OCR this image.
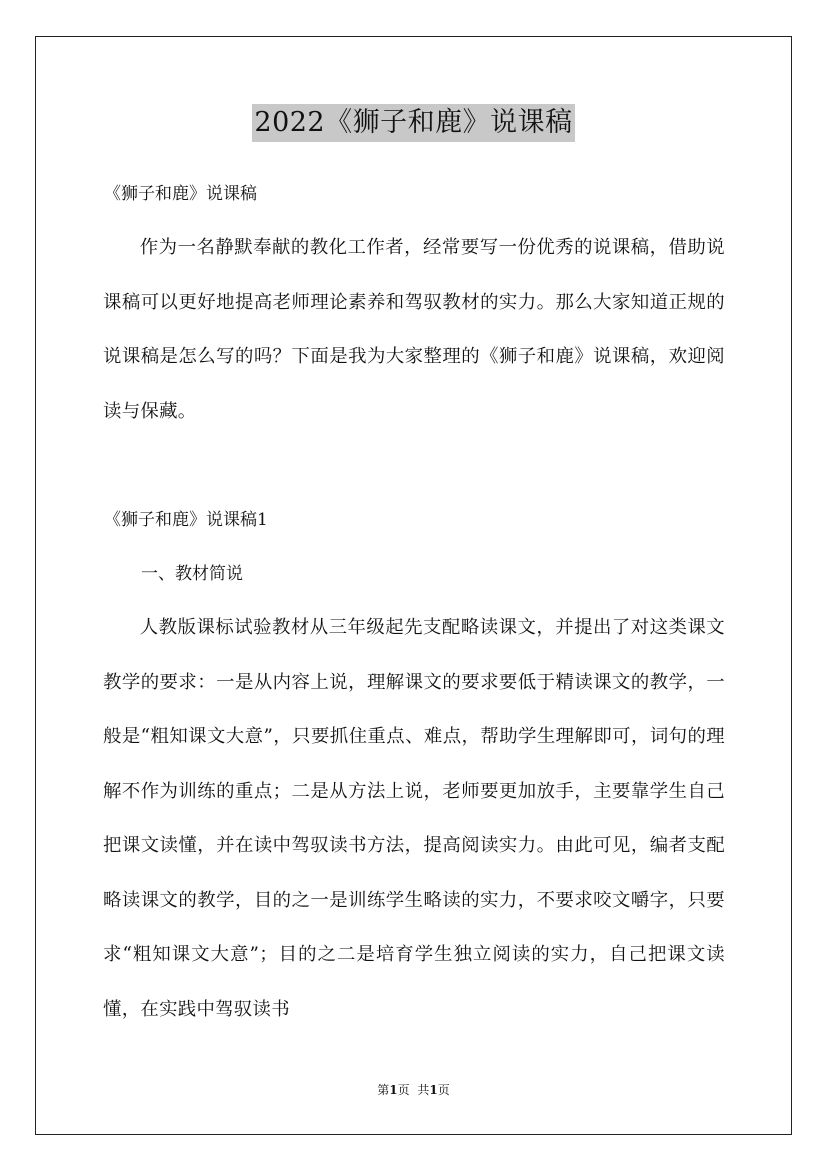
2022《狮子和鹿》说课稿
《狮子和鹿》说课稿
作为一名静默奉献的教化工作者，经常要写一份优秀的说课稿，借助说课稿可以更好地提高老师理论素养和驾驭教材的实力。那么大家知道正规的说课稿是怎么写的吗？下面是我为大家整理的《狮子和鹿》说课稿，欢迎阅读与保藏。
《狮子和鹿》说课稿1
一、教材简说
人教版课标试验教材从三年级起先支配略读课文，并提出了对这类课文教学的要求：一是从内容上说，理解课文的要求要低于精读课文的教学，一般是“粗知课文大意”，只要抓住重点、难点，帮助学生理解即可，词句的理解不作为训练的重点；二是从方法上说，老师要更加放手，主要靠学生自己把课文读懂，并在读中驾驭读书方法，提高阅读实力。由此可见，编者支配略读课文的教学，目的之一是训练学生略读的实力，不要求咬文嚼字，只要求“粗知课文大意”；目的之二是培育学生独立阅读的实力，自己把课文读懂，在实践中驾驭读书
第1页 共1页
